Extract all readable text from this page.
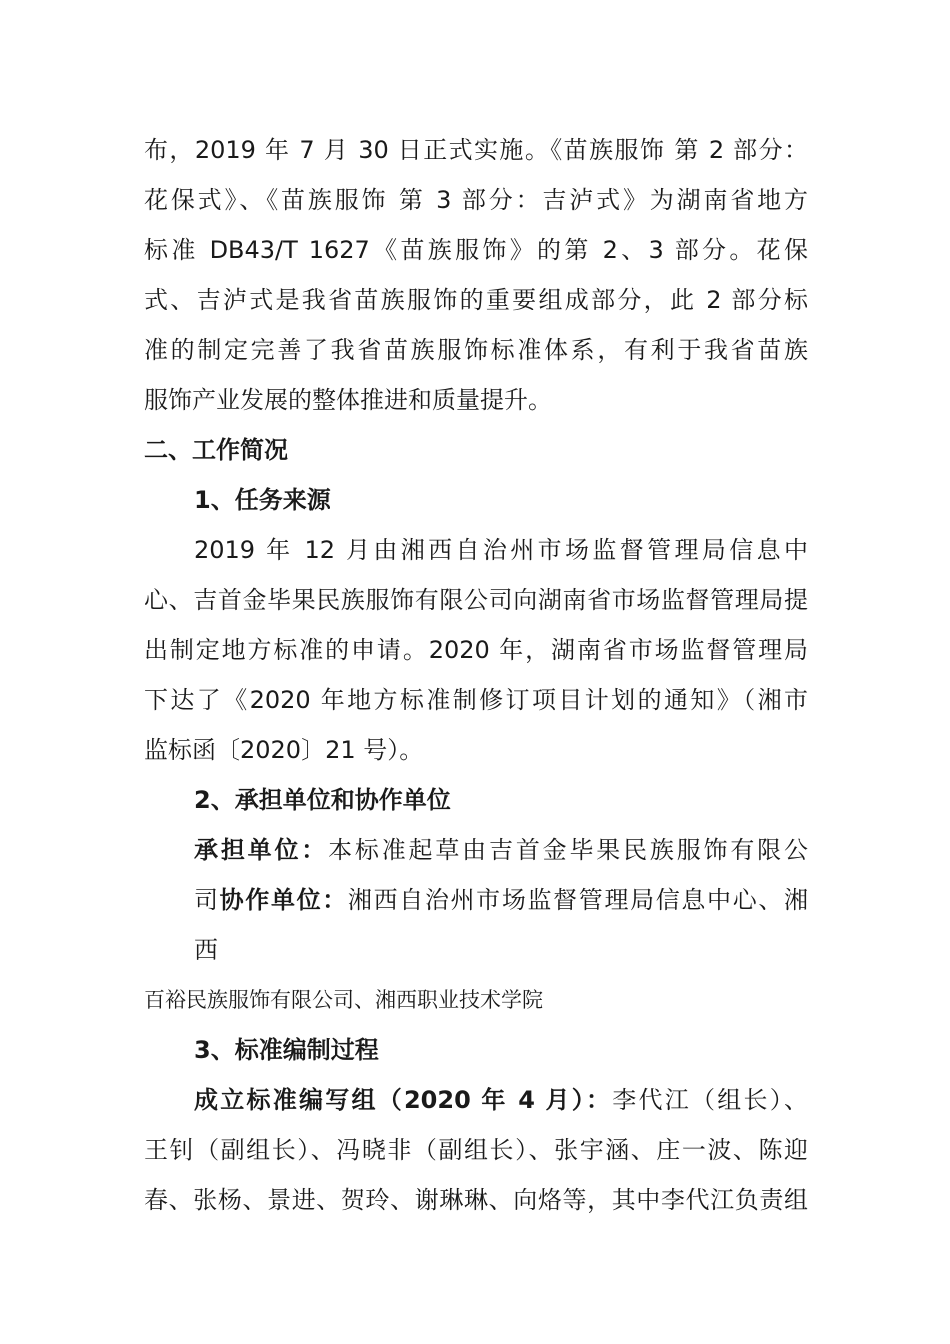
布，2019 年 7 月 30 日正式实施。《苗族服饰 第 2 部分：
花保式》、《苗族服饰 第 3 部分：吉泸式》为湖南省地方
标准 DB43/T 1627《苗族服饰》的第 2、3 部分。花保
式、吉泸式是我省苗族服饰的重要组成部分，此 2 部分标
准的制定完善了我省苗族服饰标准体系，有利于我省苗族
服饰产业发展的整体推进和质量提升。
二、工作简况
1、任务来源
2019 年 12 月由湘西自治州市场监督管理局信息中
心、吉首金毕果民族服饰有限公司向湖南省市场监督管理局提
出制定地方标准的申请。2020 年，湖南省市场监督管理局
下达了《2020 年地方标准制修订项目计划的通知》（湘市
监标函〔2020〕21 号）。
2、承担单位和协作单位
承担单位：本标准起草由吉首金毕果民族服饰有限公
司协作单位：湘西自治州市场监督管理局信息中心、湘
西
百裕民族服饰有限公司、湘西职业技术学院
3、标准编制过程
成立标准编写组（2020 年 4 月）：李代江（组长）、
王钊（副组长）、冯晓非（副组长）、张宇涵、庄一波、陈迎
春、张杨、景进、贺玲、谢琳琳、向烙等，其中李代江负责组
